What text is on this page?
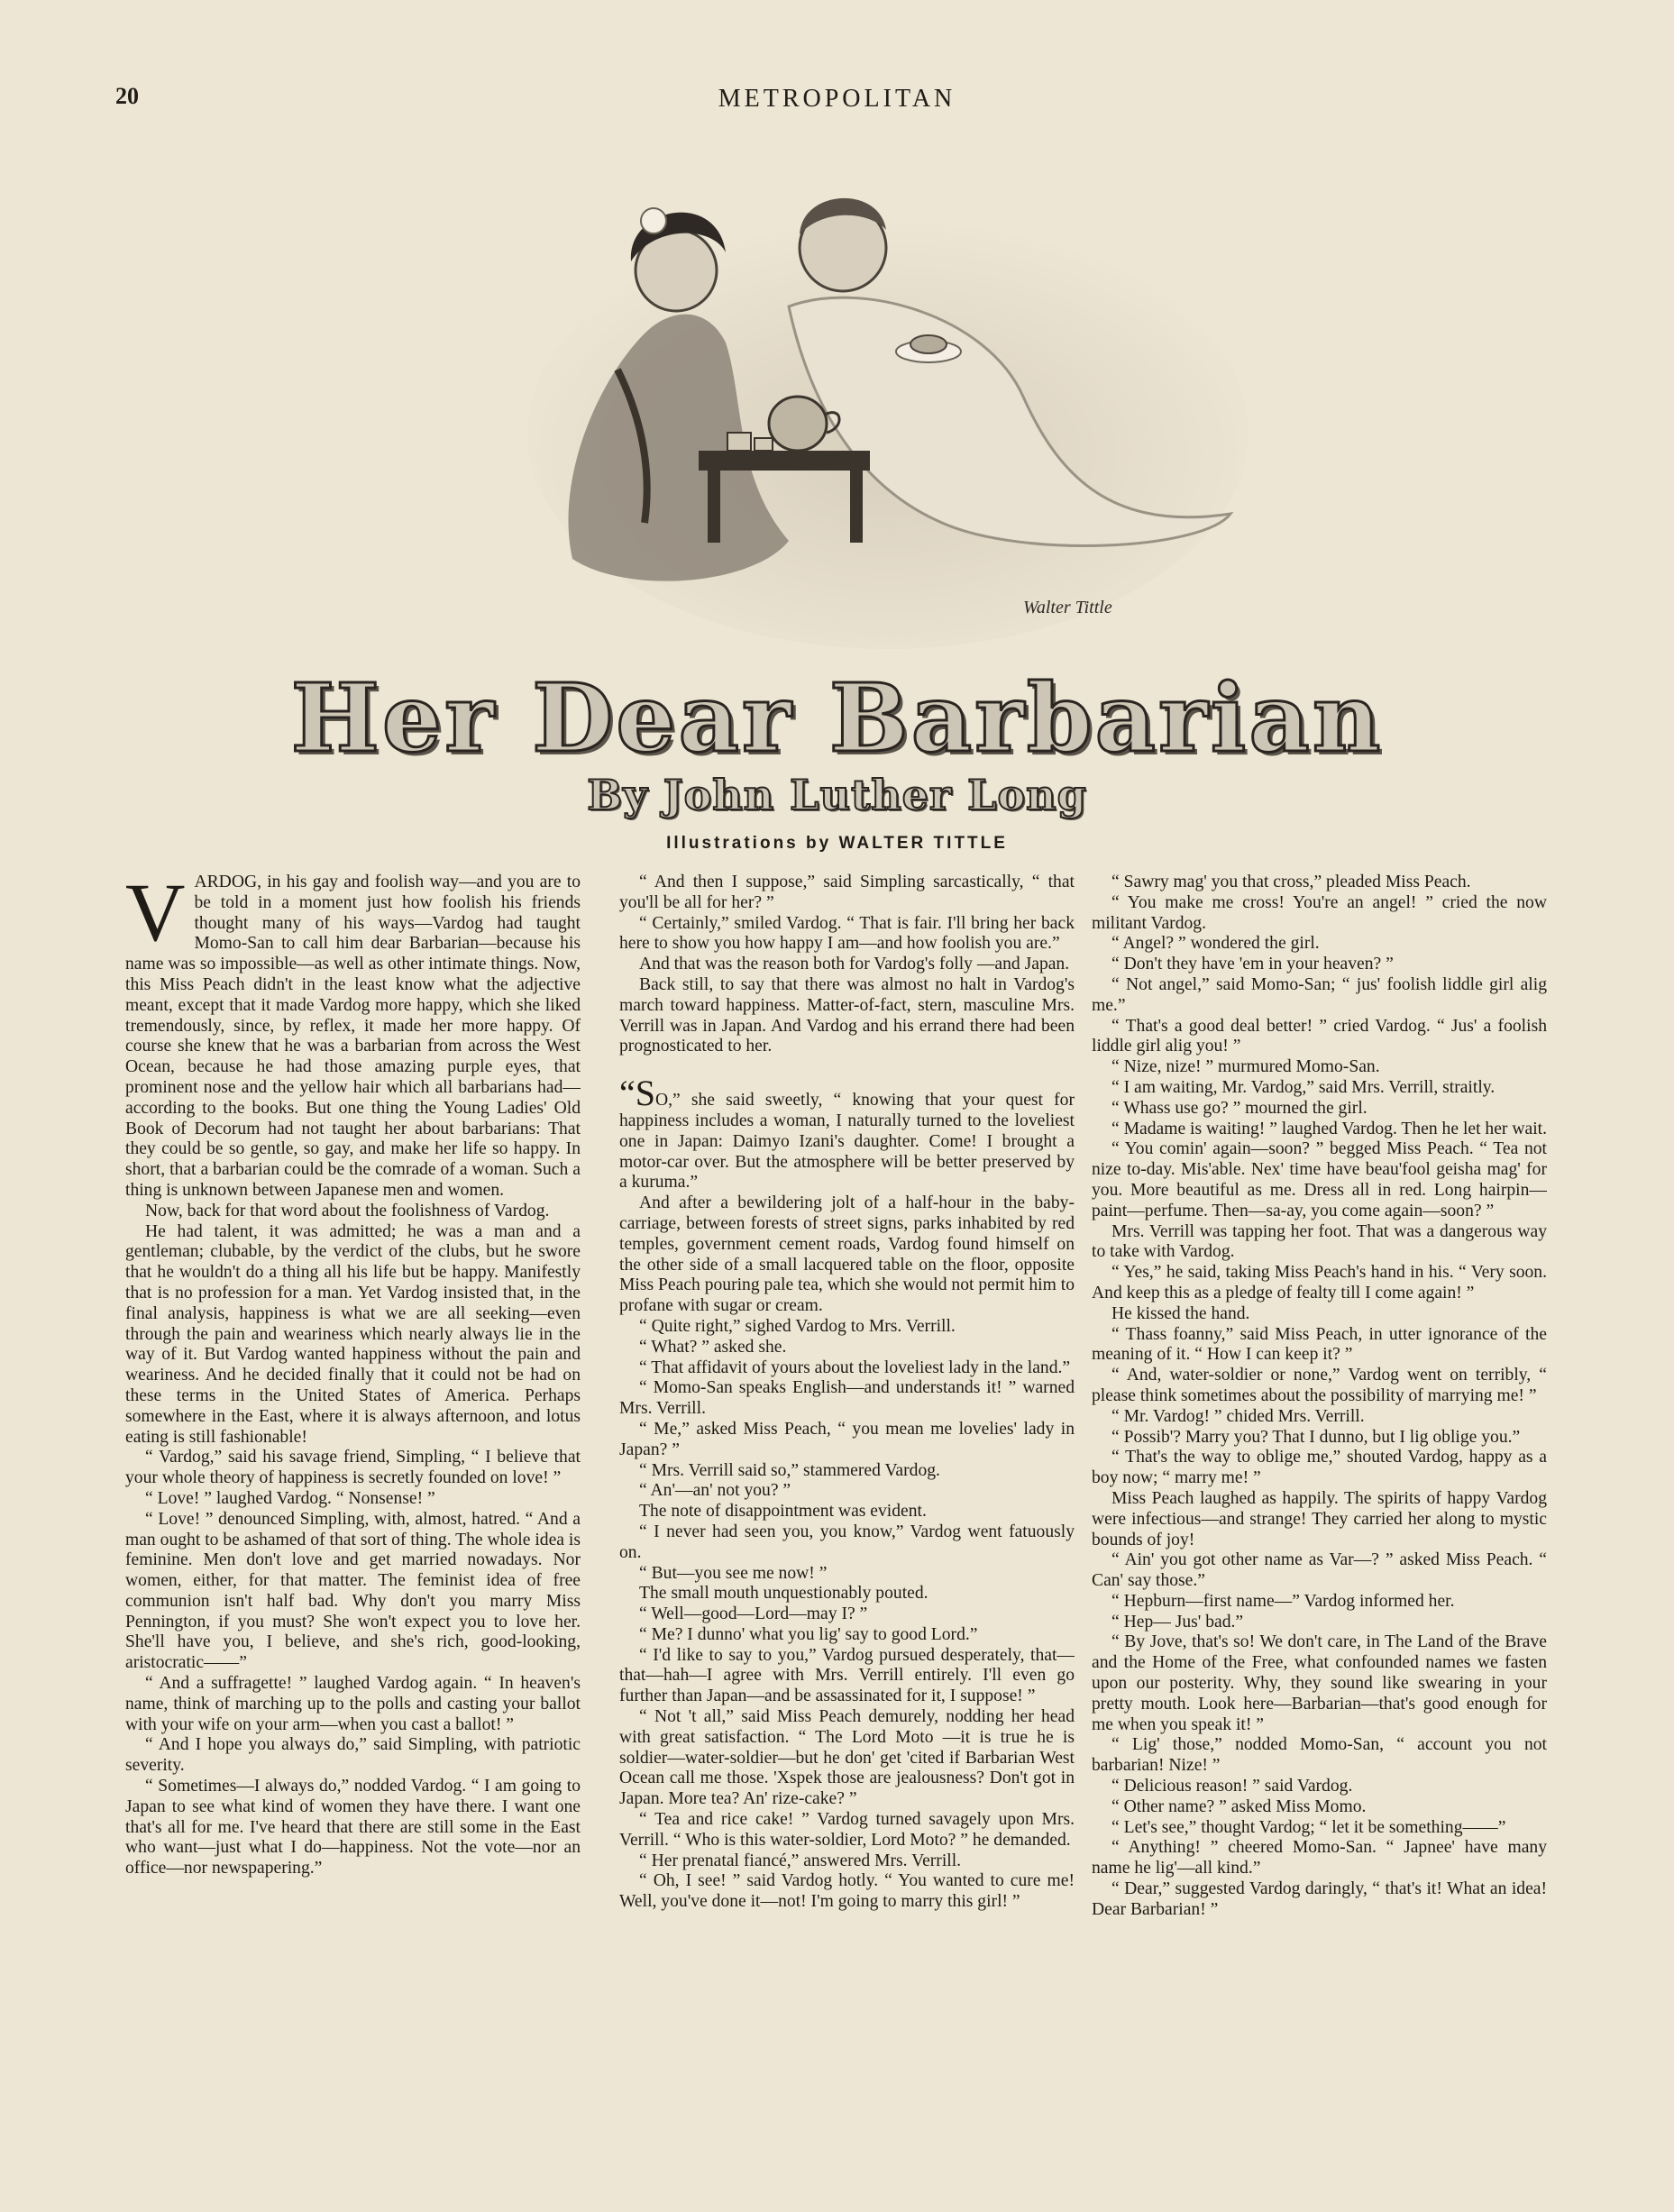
20	METROPOLITAN
Walter Tittle
Her Dear Barbarian
By John Luther Long
Illustrations by WALTER TITTLE

VARDOG, in his gay and foolish way—and you are to be told in a moment just how foolish his friends thought many of his ways—Vardog had taught Momo-San to call him dear Barbarian—because his name was so impossible—as well as other intimate things. Now, this Miss Peach didn't in the least know what the adjective meant, except that it made Vardog more happy, which she liked tremendously, since, by reflex, it made her more happy. Of course she knew that he was a barbarian from across the West Ocean, because he had those amazing purple eyes, that prominent nose and the yellow hair which all barbarians had—according to the books. But one thing the Young Ladies' Old Book of Decorum had not taught her about barbarians: That they could be so gentle, so gay, and make her life so happy. In short, that a barbarian could be the comrade of a woman. Such a thing is unknown between Japanese men and women.

Now, back for that word about the foolishness of Vardog.

He had talent, it was admitted; he was a man and a gentleman; clubable, by the verdict of the clubs, but he swore that he wouldn't do a thing all his life but be happy. Manifestly that is no profession for a man. Yet Vardog insisted that, in the final analysis, happiness is what we are all seeking—even through the pain and weariness which nearly always lie in the way of it. But Vardog wanted happiness without the pain and weariness. And he decided finally that it could not be had on these terms in the United States of America. Perhaps somewhere in the East, where it is always afternoon, and lotus eating is still fashionable!

“ Vardog,” said his savage friend, Simpling, “ I believe that your whole theory of happiness is secretly founded on love! ”

“ Love! ” laughed Vardog. “ Nonsense! ”

“ Love! ” denounced Simpling, with, almost, hatred. “ And a man ought to be ashamed of that sort of thing. The whole idea is feminine. Men don't love and get married nowadays. Nor women, either, for that matter. The feminist idea of free communion isn't half bad. Why don't you marry Miss Pennington, if you must? She won't expect you to love her. She'll have you, I believe, and she's rich, good-looking, aristocratic——”

“ And a suffragette! ” laughed Vardog again. “ In heaven's name, think of marching up to the polls and casting your ballot with your wife on your arm—when you cast a ballot! ”

“ And I hope you always do,” said Simpling, with patriotic severity.

“ Sometimes—I always do,” nodded Vardog. “ I am going to Japan to see what kind of women they have there. I want one that's all for me. I've heard that there are still some in the East who want—just what I do—happiness. Not the vote—nor an office—nor newspapering.”

“ And then I suppose,” said Simpling sarcastically, “ that you'll be all for her? ”

“ Certainly,” smiled Vardog. “ That is fair. I'll bring her back here to show you how happy I am—and how foolish you are.”

And that was the reason both for Vardog's folly —and Japan.

Back still, to say that there was almost no halt in Vardog's march toward happiness. Matter-of-fact, stern, masculine Mrs. Verrill was in Japan. And Vardog and his errand there had been prognosticated to her.

“SO,” she said sweetly, “ knowing that your quest for happiness includes a woman, I naturally turned to the loveliest one in Japan: Daimyo Izani's daughter. Come! I brought a motor-car over. But the atmosphere will be better preserved by a kuruma.”

And after a bewildering jolt of a half-hour in the baby-carriage, between forests of street signs, parks inhabited by red temples, government cement roads, Vardog found himself on the other side of a small lacquered table on the floor, opposite Miss Peach pouring pale tea, which she would not permit him to profane with sugar or cream.

“ Quite right,” sighed Vardog to Mrs. Verrill.

“ What? ” asked she.

“ That affidavit of yours about the loveliest lady in the land.”

“ Momo-San speaks English—and understands it! ” warned Mrs. Verrill.

“ Me,” asked Miss Peach, “ you mean me lovelies' lady in Japan? ”

“ Mrs. Verrill said so,” stammered Vardog.

“ An'—an' not you? ”

The note of disappointment was evident.

“ I never had seen you, you know,” Vardog went fatuously on.

“ But—you see me now! ”

The small mouth unquestionably pouted.

“ Well—good—Lord—may I? ”

“ Me? I dunno' what you lig' say to good Lord.”

“ I'd like to say to you,” Vardog pursued desperately, that—that—hah—I agree with Mrs. Verrill entirely. I'll even go further than Japan—and be assassinated for it, I suppose! ”

“ Not 't all,” said Miss Peach demurely, nodding her head with great satisfaction. “ The Lord Moto —it is true he is soldier—water-soldier—but he don' get 'cited if Barbarian West Ocean call me those. 'Xspek those are jealousness? Don't got in Japan. More tea? An' rize-cake? ”

“ Tea and rice cake! ” Vardog turned savagely upon Mrs. Verrill. “ Who is this water-soldier, Lord Moto? ” he demanded.

“ Her prenatal fiancé,” answered Mrs. Verrill.

“ Oh, I see! ” said Vardog hotly. “ You wanted to cure me! Well, you've done it—not! I'm going to marry this girl! ”

“ Sawry mag' you that cross,” pleaded Miss Peach.

“ You make me cross! You're an angel! ” cried the now militant Vardog.

“ Angel? ” wondered the girl.

“ Don't they have 'em in your heaven? ”

“ Not angel,” said Momo-San; “ jus' foolish liddle girl alig me.”

“ That's a good deal better! ” cried Vardog. “ Jus' a foolish liddle girl alig you! ”

“ Nize, nize! ” murmured Momo-San.

“ I am waiting, Mr. Vardog,” said Mrs. Verrill, straitly.

“ Whass use go? ” mourned the girl.

“ Madame is waiting! ” laughed Vardog. Then he let her wait.

“ You comin' again—soon? ” begged Miss Peach. “ Tea not nize to-day. Mis'able. Nex' time have beau'fool geisha mag' for you. More beautiful as me. Dress all in red. Long hairpin—paint—perfume. Then—sa-ay, you come again—soon? ”

Mrs. Verrill was tapping her foot. That was a dangerous way to take with Vardog.

“ Yes,” he said, taking Miss Peach's hand in his. “ Very soon. And keep this as a pledge of fealty till I come again! ”

He kissed the hand.

“ Thass foanny,” said Miss Peach, in utter ignorance of the meaning of it. “ How I can keep it? ”

“ And, water-soldier or none,” Vardog went on terribly, “ please think sometimes about the possibility of marrying me! ”

“ Mr. Vardog! ” chided Mrs. Verrill.

“ Possib'? Marry you? That I dunno, but I lig oblige you.”

“ That's the way to oblige me,” shouted Vardog, happy as a boy now; “ marry me! ”

Miss Peach laughed as happily. The spirits of happy Vardog were infectious—and strange! They carried her along to mystic bounds of joy!

“ Ain' you got other name as Var—? ” asked Miss Peach. “ Can' say those.”

“ Hepburn—first name—” Vardog informed her.

“ Hep— Jus' bad.”

“ By Jove, that's so! We don't care, in The Land of the Brave and the Home of the Free, what confounded names we fasten upon our posterity. Why, they sound like swearing in your pretty mouth. Look here—Barbarian—that's good enough for me when you speak it! ”

“ Lig' those,” nodded Momo-San, “ account you not barbarian! Nize! ”

“ Delicious reason! ” said Vardog.

“ Other name? ” asked Miss Momo.

“ Let's see,” thought Vardog; “ let it be something——”

“ Anything! ” cheered Momo-San. “ Japnee' have many name he lig'—all kind.”

“ Dear,” suggested Vardog daringly, “ that's it! What an idea! Dear Barbarian! ”
